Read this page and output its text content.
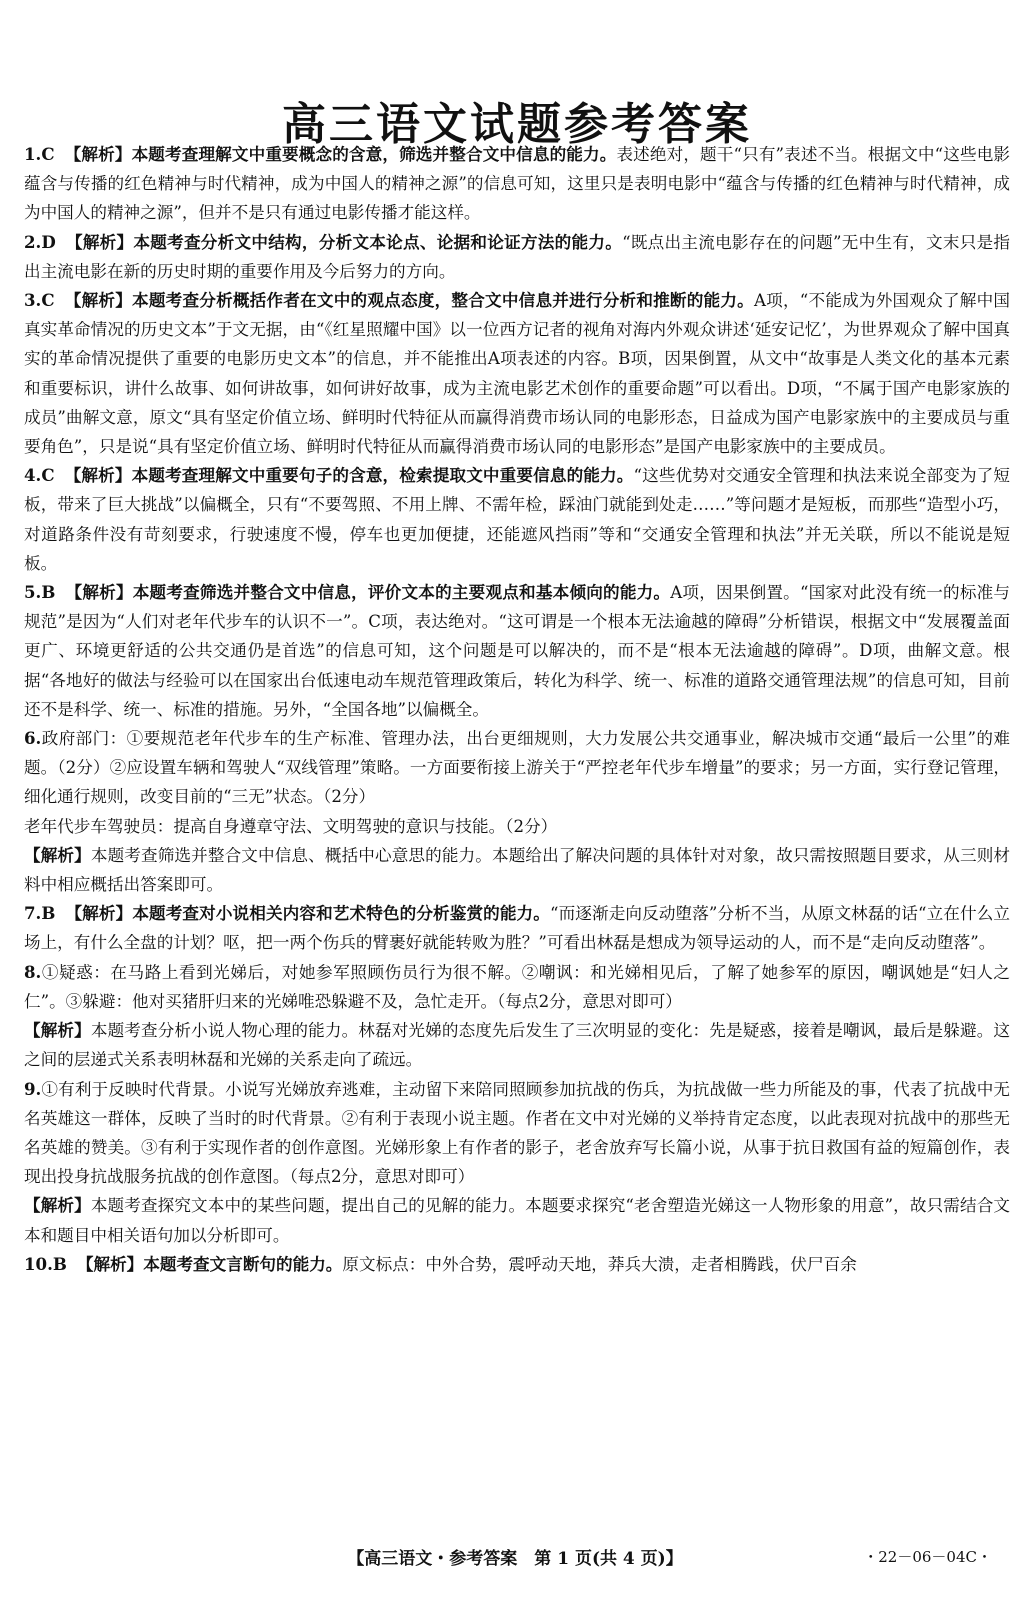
高三语文试题参考答案

1.C 【解析】本题考查理解文中重要概念的含意，筛选并整合文中信息的能力。表述绝对，题干“只有”表述不当。根据文中“这些电影蕴含与传播的红色精神与时代精神，成为中国人的精神之源”的信息可知，这里只是表明电影中“蕴含与传播的红色精神与时代精神，成为中国人的精神之源”，但并不是只有通过电影传播才能这样。

2.D 【解析】本题考查分析文中结构，分析文本论点、论据和论证方法的能力。“既点出主流电影存在的问题”无中生有，文末只是指出主流电影在新的历史时期的重要作用及今后努力的方向。

3.C 【解析】本题考查分析概括作者在文中的观点态度，整合文中信息并进行分析和推断的能力。A项，“不能成为外国观众了解中国真实革命情况的历史文本”于文无据，由“《红星照耀中国》以一位西方记者的视角对海内外观众讲述‘延安记忆’，为世界观众了解中国真实的革命情况提供了重要的电影历史文本”的信息，并不能推出A项表述的内容。B项，因果倒置，从文中“故事是人类文化的基本元素和重要标识，讲什么故事、如何讲故事，如何讲好故事，成为主流电影艺术创作的重要命题”可以看出。D项，“不属于国产电影家族的成员”曲解文意，原文“具有坚定价值立场、鲜明时代特征从而赢得消费市场认同的电影形态，日益成为国产电影家族中的主要成员与重要角色”，只是说“具有坚定价值立场、鲜明时代特征从而赢得消费市场认同的电影形态”是国产电影家族中的主要成员。

4.C 【解析】本题考查理解文中重要句子的含意，检索提取文中重要信息的能力。“这些优势对交通安全管理和执法来说全部变为了短板，带来了巨大挑战”以偏概全，只有“不要驾照、不用上牌、不需年检，踩油门就能到处走……”等问题才是短板，而那些“造型小巧，对道路条件没有苛刻要求，行驶速度不慢，停车也更加便捷，还能遮风挡雨”等和“交通安全管理和执法”并无关联，所以不能说是短板。

5.B 【解析】本题考查筛选并整合文中信息，评价文本的主要观点和基本倾向的能力。A项，因果倒置。“国家对此没有统一的标准与规范”是因为“人们对老年代步车的认识不一”。C项，表达绝对。“这可谓是一个根本无法逾越的障碍”分析错误，根据文中“发展覆盖面更广、环境更舒适的公共交通仍是首选”的信息可知，这个问题是可以解决的，而不是“根本无法逾越的障碍”。D项，曲解文意。根据“各地好的做法与经验可以在国家出台低速电动车规范管理政策后，转化为科学、统一、标准的道路交通管理法规”的信息可知，目前还不是科学、统一、标准的措施。另外，“全国各地”以偏概全。

6.政府部门：①要规范老年代步车的生产标准、管理办法，出台更细规则，大力发展公共交通事业，解决城市交通“最后一公里”的难题。（2分）②应设置车辆和驾驶人“双线管理”策略。一方面要衔接上游关于“严控老年代步车增量”的要求；另一方面，实行登记管理，细化通行规则，改变目前的“三无”状态。（2分）

老年代步车驾驶员：提高自身遵章守法、文明驾驶的意识与技能。（2分）

【解析】本题考查筛选并整合文中信息、概括中心意思的能力。本题给出了解决问题的具体针对对象，故只需按照题目要求，从三则材料中相应概括出答案即可。

7.B 【解析】本题考查对小说相关内容和艺术特色的分析鉴赏的能力。“而逐渐走向反动堕落”分析不当，从原文林磊的话“立在什么立场上，有什么全盘的计划？呕，把一两个伤兵的臂裹好就能转败为胜？”可看出林磊是想成为领导运动的人，而不是“走向反动堕落”。

8.①疑惑：在马路上看到光娣后，对她参军照顾伤员行为很不解。②嘲讽：和光娣相见后，了解了她参军的原因，嘲讽她是“妇人之仁”。③躲避：他对买猪肝归来的光娣唯恐躲避不及，急忙走开。（每点2分，意思对即可）

【解析】本题考查分析小说人物心理的能力。林磊对光娣的态度先后发生了三次明显的变化：先是疑惑，接着是嘲讽，最后是躲避。这之间的层递式关系表明林磊和光娣的关系走向了疏远。

9.①有利于反映时代背景。小说写光娣放弃逃难，主动留下来陪同照顾参加抗战的伤兵，为抗战做一些力所能及的事，代表了抗战中无名英雄这一群体，反映了当时的时代背景。②有利于表现小说主题。作者在文中对光娣的义举持肯定态度，以此表现对抗战中的那些无名英雄的赞美。③有利于实现作者的创作意图。光娣形象上有作者的影子，老舍放弃写长篇小说，从事于抗日救国有益的短篇创作，表现出投身抗战服务抗战的创作意图。（每点2分，意思对即可）

【解析】本题考查探究文本中的某些问题，提出自己的见解的能力。本题要求探究“老舍塑造光娣这一人物形象的用意”，故只需结合文本和题目中相关语句加以分析即可。

10.B 【解析】本题考查文言断句的能力。原文标点：中外合势，震呼动天地，莽兵大溃，走者相腾践，伏尸百余

【高三语文・参考答案　第 1 页(共 4 页)】	・22－06－04C・
